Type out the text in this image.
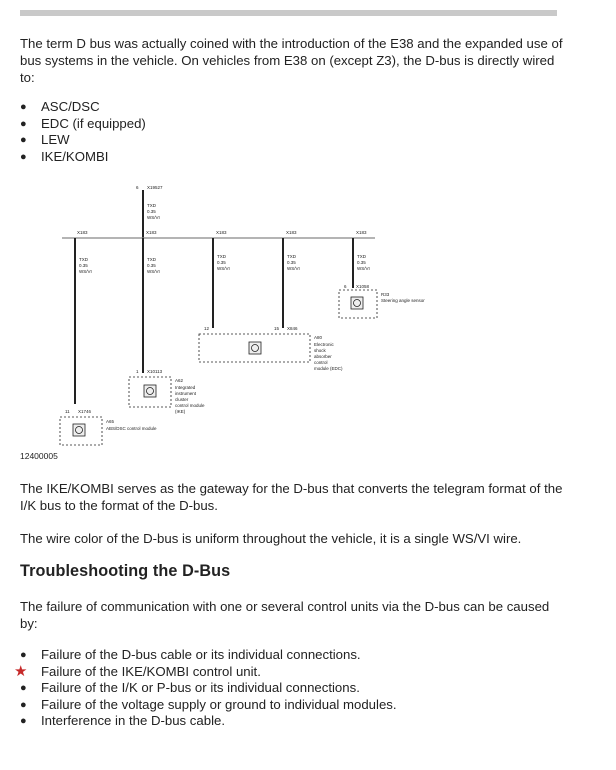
The term D bus was actually coined with the introduction of the E38 and the expanded use of bus systems in the vehicle. On vehicles from E38 on (except Z3), the D-bus is directly wired to:

● ASC/DSC
● EDC (if equipped)
● LEW
● IKE/KOMBI
6 X19527
TXD
0.35
WS/VI
X183	X183	X183	X183	X183
TXD
0.35
WS/VI
TXD
0.35
WS/VI
TXD
0.35
WS/VI
TXD
0.35
WS/VI
TXD
0.35
WS/VI
6 X1058
R33
Steering angle sensor
12	15 X846
A80
Electronic
shock
absorber
control
module (EDC)
1 X10113
A62
Integrated
instrument
cluster
control module
(IKE)
11 X1746
A65
ABS/DSC control module
12400005

The IKE/KOMBI serves as the gateway for the D-bus that converts the telegram format of the I/K bus to the format of the D-bus.

The wire color of the D-bus is uniform throughout the vehicle, it is a single WS/VI wire.

Troubleshooting the D-Bus

The failure of communication with one or several control units via the D-bus can be caused by:

● Failure of the D-bus cable or its individual connections.
★ Failure of the IKE/KOMBI control unit.
● Failure of the I/K or P-bus or its individual connections.
● Failure of the voltage supply or ground to individual modules.
● Interference in the D-bus cable.
